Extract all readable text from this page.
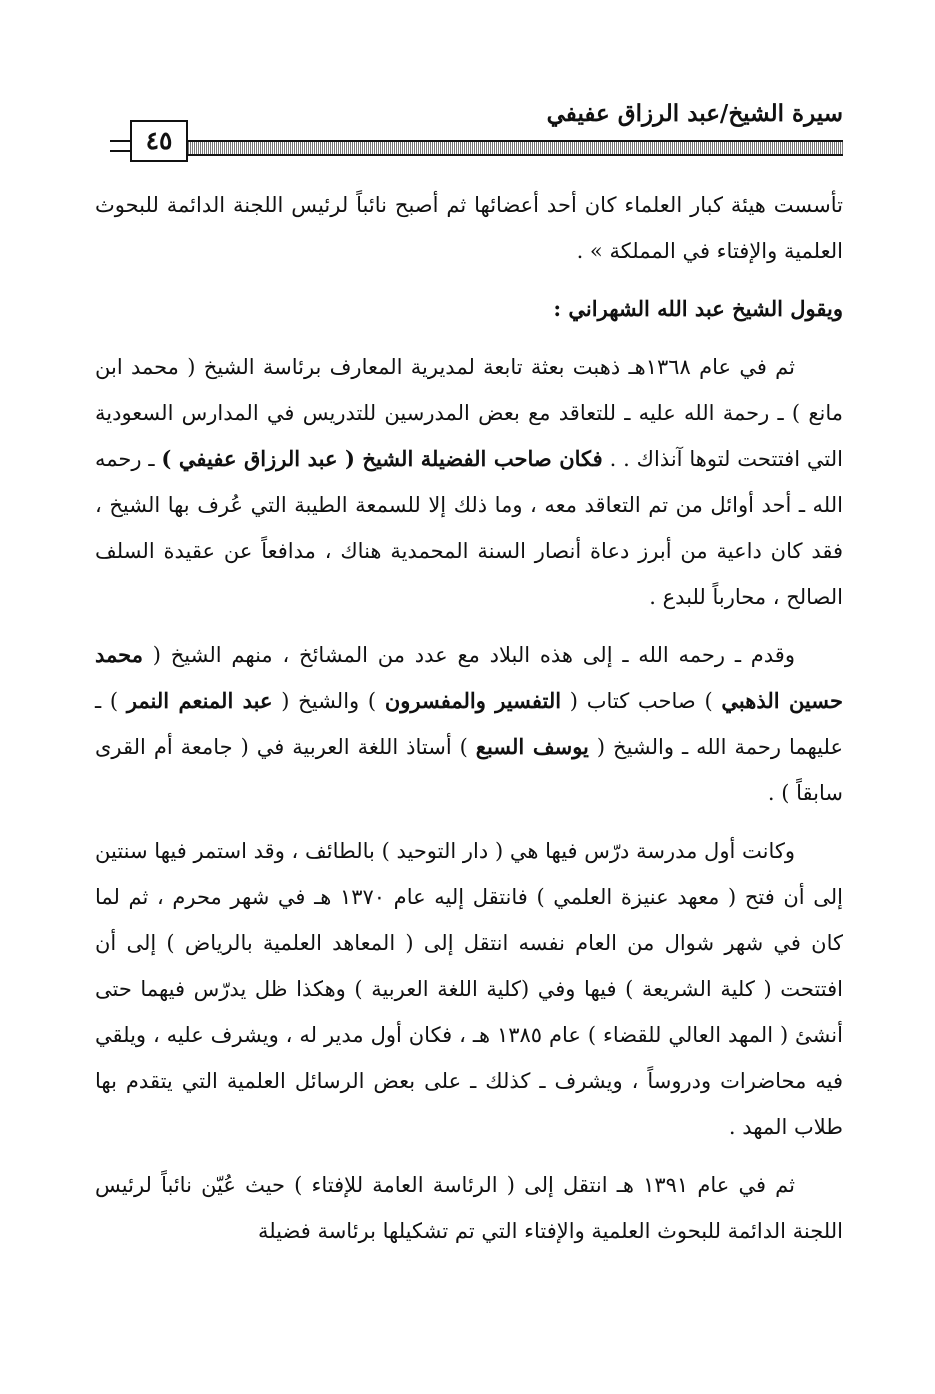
سيرة الشيخ/عبد الرزاق عفيفي
٤٥

تأسست هيئة كبار العلماء كان أحد أعضائها ثم أصبح نائباً لرئيس اللجنة الدائمة للبحوث العلمية والإفتاء في المملكة » .

ويقول الشيخ عبد الله الشهراني :

ثم في عام ١٣٦٨هـ ذهبت بعثة تابعة لمديرية المعارف برئاسة الشيخ ( محمد ابن مانع ) ـ رحمة الله عليه ـ للتعاقد مع بعض المدرسين للتدريس في المدارس السعودية التي افتتحت لتوها آنذاك . . فكان صاحب الفضيلة الشيخ ( عبد الرزاق عفيفي ) ـ رحمه الله ـ أحد أوائل من تم التعاقد معه ، وما ذلك إلا للسمعة الطيبة التي عُرف بها الشيخ ، فقد كان داعية من أبرز دعاة أنصار السنة المحمدية هناك ، مدافعاً عن عقيدة السلف الصالح ، محارباً للبدع .

وقدم ـ رحمه الله ـ إلى هذه البلاد مع عدد من المشائخ ، منهم الشيخ ( محمد حسين الذهبي ) صاحب كتاب ( التفسير والمفسرون ) والشيخ ( عبد المنعم النمر ) ـ عليهما رحمة الله ـ والشيخ ( يوسف السبع ) أستاذ اللغة العربية في ( جامعة أم القرى سابقاً ) .

وكانت أول مدرسة درّس فيها هي ( دار التوحيد ) بالطائف ، وقد استمر فيها سنتين إلى أن فتح ( معهد عنيزة العلمي ) فانتقل إليه عام ١٣٧٠ هـ في شهر محرم ، ثم لما كان في شهر شوال من العام نفسه انتقل إلى ( المعاهد العلمية بالرياض ) إلى أن افتتحت ( كلية الشريعة ) فيها وفي (كلية اللغة العربية ) وهكذا ظل يدرّس فيهما حتى أنشئ ( المهد العالي للقضاء ) عام ١٣٨٥ هـ ، فكان أول مدير له ، ويشرف عليه ، ويلقي فيه محاضرات ودروساً ، ويشرف ـ كذلك ـ على بعض الرسائل العلمية التي يتقدم بها طلاب المهد .

ثم في عام ١٣٩١ هـ انتقل إلى ( الرئاسة العامة للإفتاء ) حيث عُيّن نائباً لرئيس اللجنة الدائمة للبحوث العلمية والإفتاء التي تم تشكيلها برئاسة فضيلة
